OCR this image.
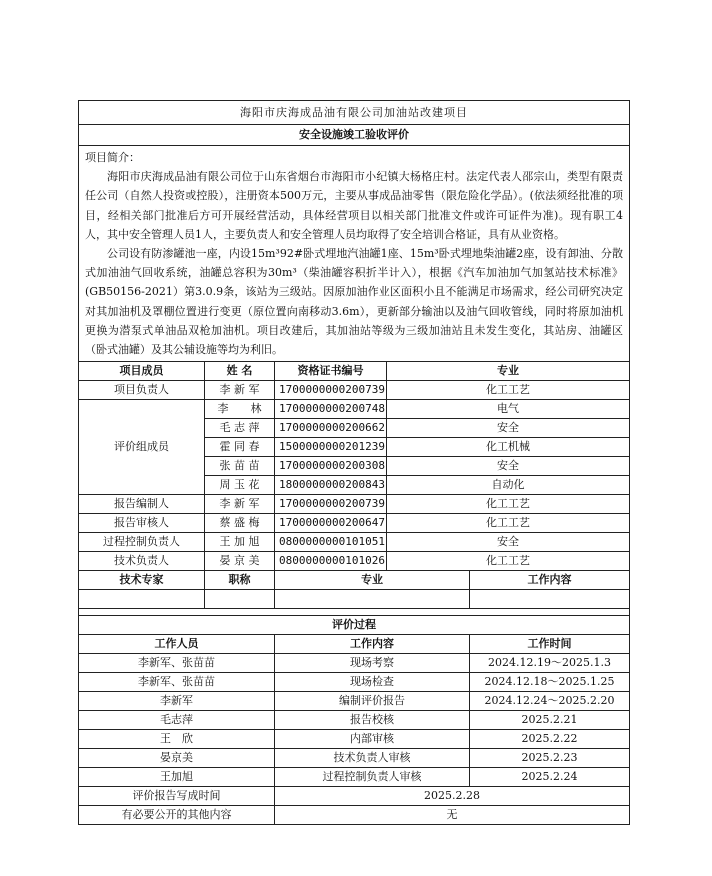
海阳市庆海成品油有限公司加油站改建项目				
安全设施竣工验收评价				

项目简介：

海阳市庆海成品油有限公司位于山东省烟台市海阳市小纪镇大杨格庄村。法定代表人邵宗山，类型有限责任公司（自然人投资或控股），注册资本500万元，主要从事成品油零售（限危险化学品）。(依法须经批准的项目，经相关部门批准后方可开展经营活动，具体经营项目以相关部门批准文件或许可证件为准)。现有职工4人，其中安全管理人员1人，主要负责人和安全管理人员均取得了安全培训合格证，具有从业资格。

公司设有防渗罐池一座，内设15m³92#卧式埋地汽油罐1座、15m³卧式埋地柴油罐2座，设有卸油、分散式加油油气回收系统，油罐总容积为30m³（柴油罐容积折半计入），根据《汽车加油加气加氢站技术标准》(GB50156-2021）第3.0.9条，该站为三级站。因原加油作业区面积小且不能满足市场需求，经公司研究决定对其加油机及罩棚位置进行变更（原位置向南移动3.6m），更新部分输油以及油气回收管线，同时将原加油机更换为潜泵式单油品双枪加油机。项目改建后，其加油站等级为三级加油站且未发生变化，其站房、油罐区（卧式油罐）及其公辅设施等均为利旧。				

项目成员	姓 名	资格证书编号	专业	
项目负责人	李 新 军	1700000000200739	化工工艺	
评价组成员	李　　林	1700000000200748	电气	
	毛 志 萍	1700000000200662	安全	
	霍 同 春	1500000000201239	化工机械	
	张 苗 苗	1700000000200308	安全	
	周 玉 花	1800000000200843	自动化	
报告编制人	李 新 军	1700000000200739	化工工艺	
报告审核人	蔡 盛 梅	1700000000200647	化工工艺	
过程控制负责人	王 加 旭	0800000000101051	安全	
技术负责人	晏 京 美	0800000000101026	化工工艺	
技术专家	职称	专业		工作内容

评价过程				
工作人员		工作内容		工作时间
李新军、张苗苗		现场考察		2024.12.19～2025.1.3
李新军、张苗苗		现场检查		2024.12.18～2025.1.25
李新军		编制评价报告		2024.12.24～2025.2.20
毛志萍		报告校核		2025.2.21
王　欣		内部审核		2025.2.22
晏京美		技术负责人审核		2025.2.23
王加旭		过程控制负责人审核		2025.2.24
评价报告写成时间		2025.2.28		
有必要公开的其他内容		无		
